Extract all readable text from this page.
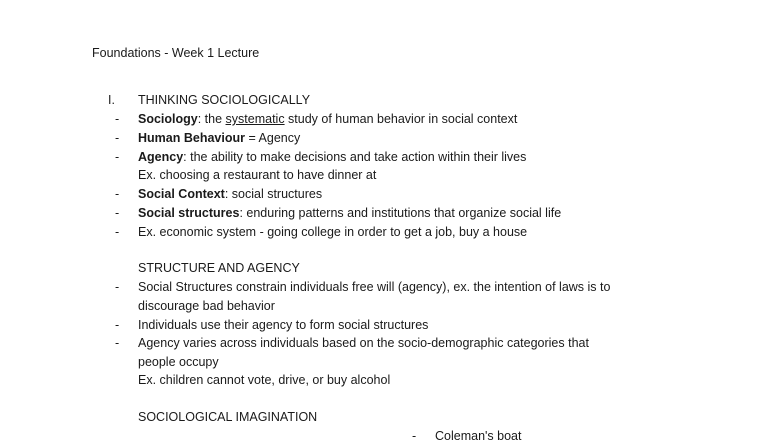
Foundations - Week 1 Lecture
I. THINKING SOCIOLOGICALLY
- Sociology: the systematic study of human behavior in social context
- Human Behaviour = Agency
- Agency: the ability to make decisions and take action within their lives
Ex. choosing a restaurant to have dinner at
- Social Context: social structures
- Social structures: enduring patterns and institutions that organize social life
- Ex. economic system - going college in order to get a job, buy a house
STRUCTURE AND AGENCY
- Social Structures constrain individuals free will (agency), ex. the intention of laws is to
discourage bad behavior
- Individuals use their agency to form social structures
- Agency varies across individuals based on the socio-demographic categories that
people occupy
Ex. children cannot vote, drive, or buy alcohol
SOCIOLOGICAL IMAGINATION
- Coleman's boat
